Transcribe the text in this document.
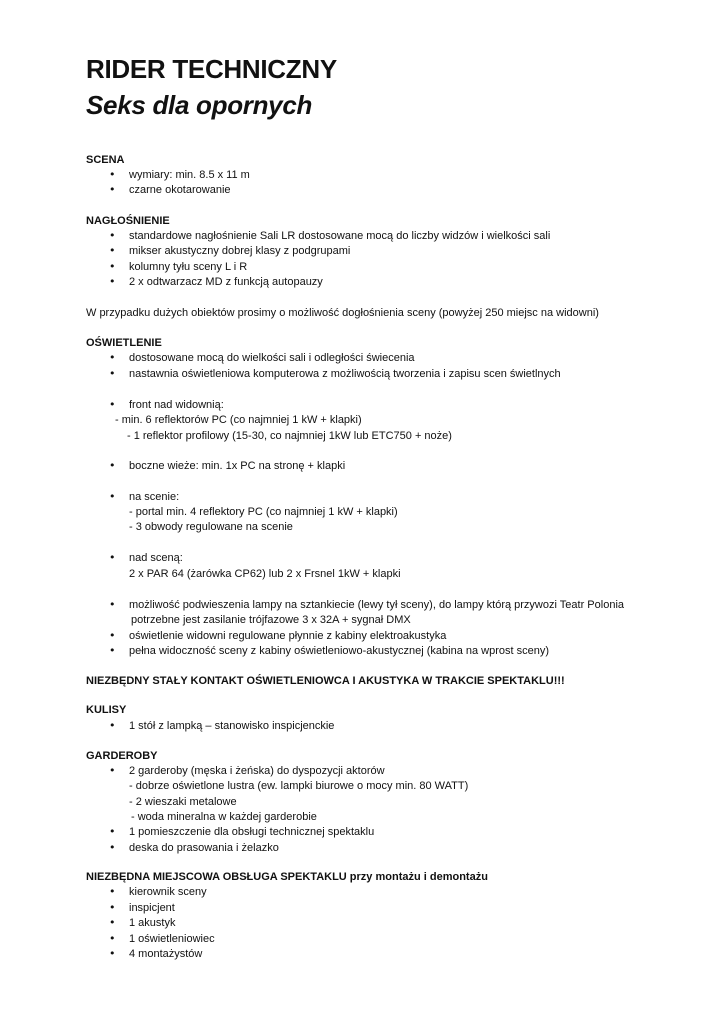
RIDER TECHNICZNY
Seks dla opornych
SCENA
• wymiary: min. 8.5 x 11 m
• czarne okotarowanie
NAGŁOŚNIENIE
• standardowe nagłośnienie Sali LR dostosowane mocą do liczby widzów i wielkości sali
• mikser akustyczny dobrej klasy z podgrupami
• kolumny tyłu sceny L i R
• 2 x odtwarzacz MD z funkcją autopauzy
W przypadku dużych obiektów prosimy o możliwość dogłośnienia sceny (powyżej 250 miejsc na widowni)
OŚWIETLENIE
• dostosowane mocą do wielkości sali i odległości świecenia
• nastawnia oświetleniowa komputerowa z możliwością tworzenia i zapisu scen świetlnych
• front nad widownią:
- min. 6 reflektorów PC (co najmniej 1 kW + klapki)
- 1 reflektor profilowy (15-30, co najmniej 1kW lub ETC750 + noże)
• boczne wieże: min. 1x PC na stronę + klapki
• na scenie:
- portal min. 4 reflektory PC (co najmniej 1 kW + klapki)
- 3 obwody regulowane na scenie
• nad sceną:
2 x PAR 64 (żarówka CP62) lub 2 x Frsnel 1kW + klapki
• możliwość podwieszenia lampy na sztankiecie (lewy tył sceny), do lampy którą przywozi Teatr Polonia
potrzebne jest zasilanie trójfazowe 3 x 32A + sygnał DMX
• oświetlenie widowni regulowane płynnie z kabiny elektroakustyka
• pełna widoczność sceny z kabiny oświetleniowo-akustycznej (kabina na wprost sceny)
NIEZBĘDNY STAŁY KONTAKT OŚWIETLENIOWCA I AKUSTYKA W TRAKCIE SPEKTAKLU!!!
KULISY
• 1 stół z lampką – stanowisko inspicjenckie
GARDEROBY
• 2 garderoby (męska i żeńska) do dyspozycji aktorów
- dobrze oświetlone lustra (ew. lampki biurowe o mocy min. 80 WATT)
- 2 wieszaki metalowe
- woda mineralna w każdej garderobie
• 1 pomieszczenie dla obsługi technicznej spektaklu
• deska do prasowania i żelazko
NIEZBĘDNA MIEJSCOWA OBSŁUGA SPEKTAKLU przy montażu i demontażu
• kierownik sceny
• inspicjent
• 1 akustyk
• 1 oświetleniowiec
• 4 montażystów
